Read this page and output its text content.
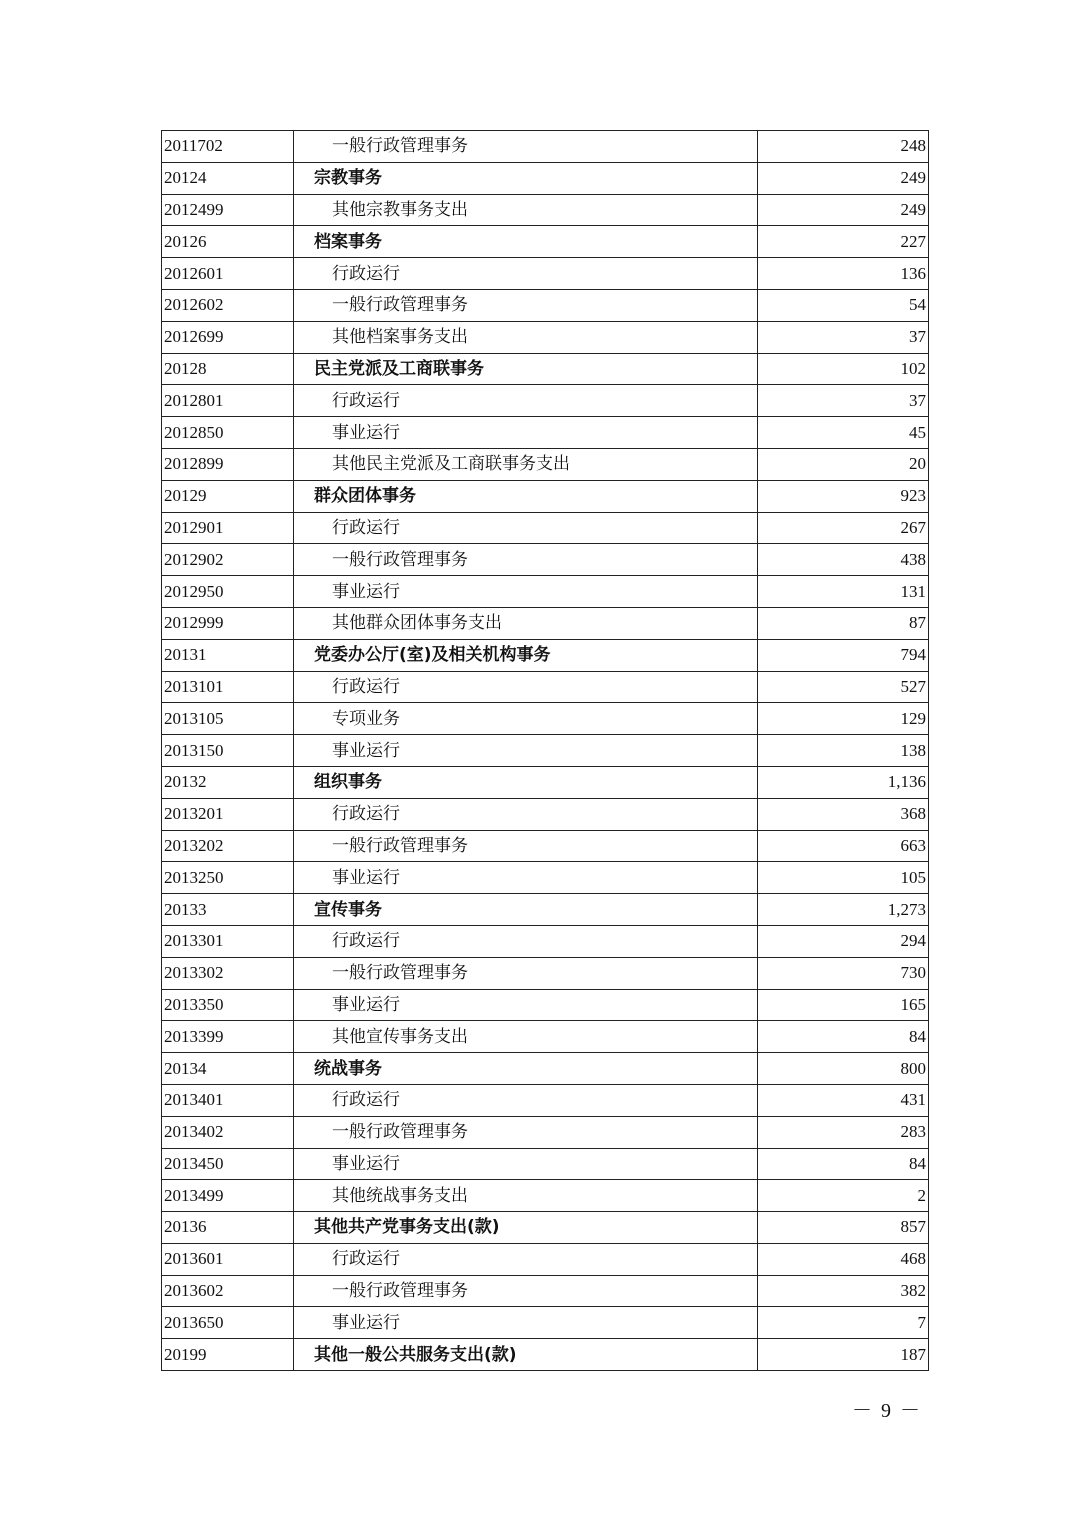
2011702	一般行政管理事务	248
20124	宗教事务	249
2012499	其他宗教事务支出	249
20126	档案事务	227
2012601	行政运行	136
2012602	一般行政管理事务	54
2012699	其他档案事务支出	37
20128	民主党派及工商联事务	102
2012801	行政运行	37
2012850	事业运行	45
2012899	其他民主党派及工商联事务支出	20
20129	群众团体事务	923
2012901	行政运行	267
2012902	一般行政管理事务	438
2012950	事业运行	131
2012999	其他群众团体事务支出	87
20131	党委办公厅(室)及相关机构事务	794
2013101	行政运行	527
2013105	专项业务	129
2013150	事业运行	138
20132	组织事务	1,136
2013201	行政运行	368
2013202	一般行政管理事务	663
2013250	事业运行	105
20133	宣传事务	1,273
2013301	行政运行	294
2013302	一般行政管理事务	730
2013350	事业运行	165
2013399	其他宣传事务支出	84
20134	统战事务	800
2013401	行政运行	431
2013402	一般行政管理事务	283
2013450	事业运行	84
2013499	其他统战事务支出	2
20136	其他共产党事务支出(款)	857
2013601	行政运行	468
2013602	一般行政管理事务	382
2013650	事业运行	7
20199	其他一般公共服务支出(款)	187
－ 9 －
